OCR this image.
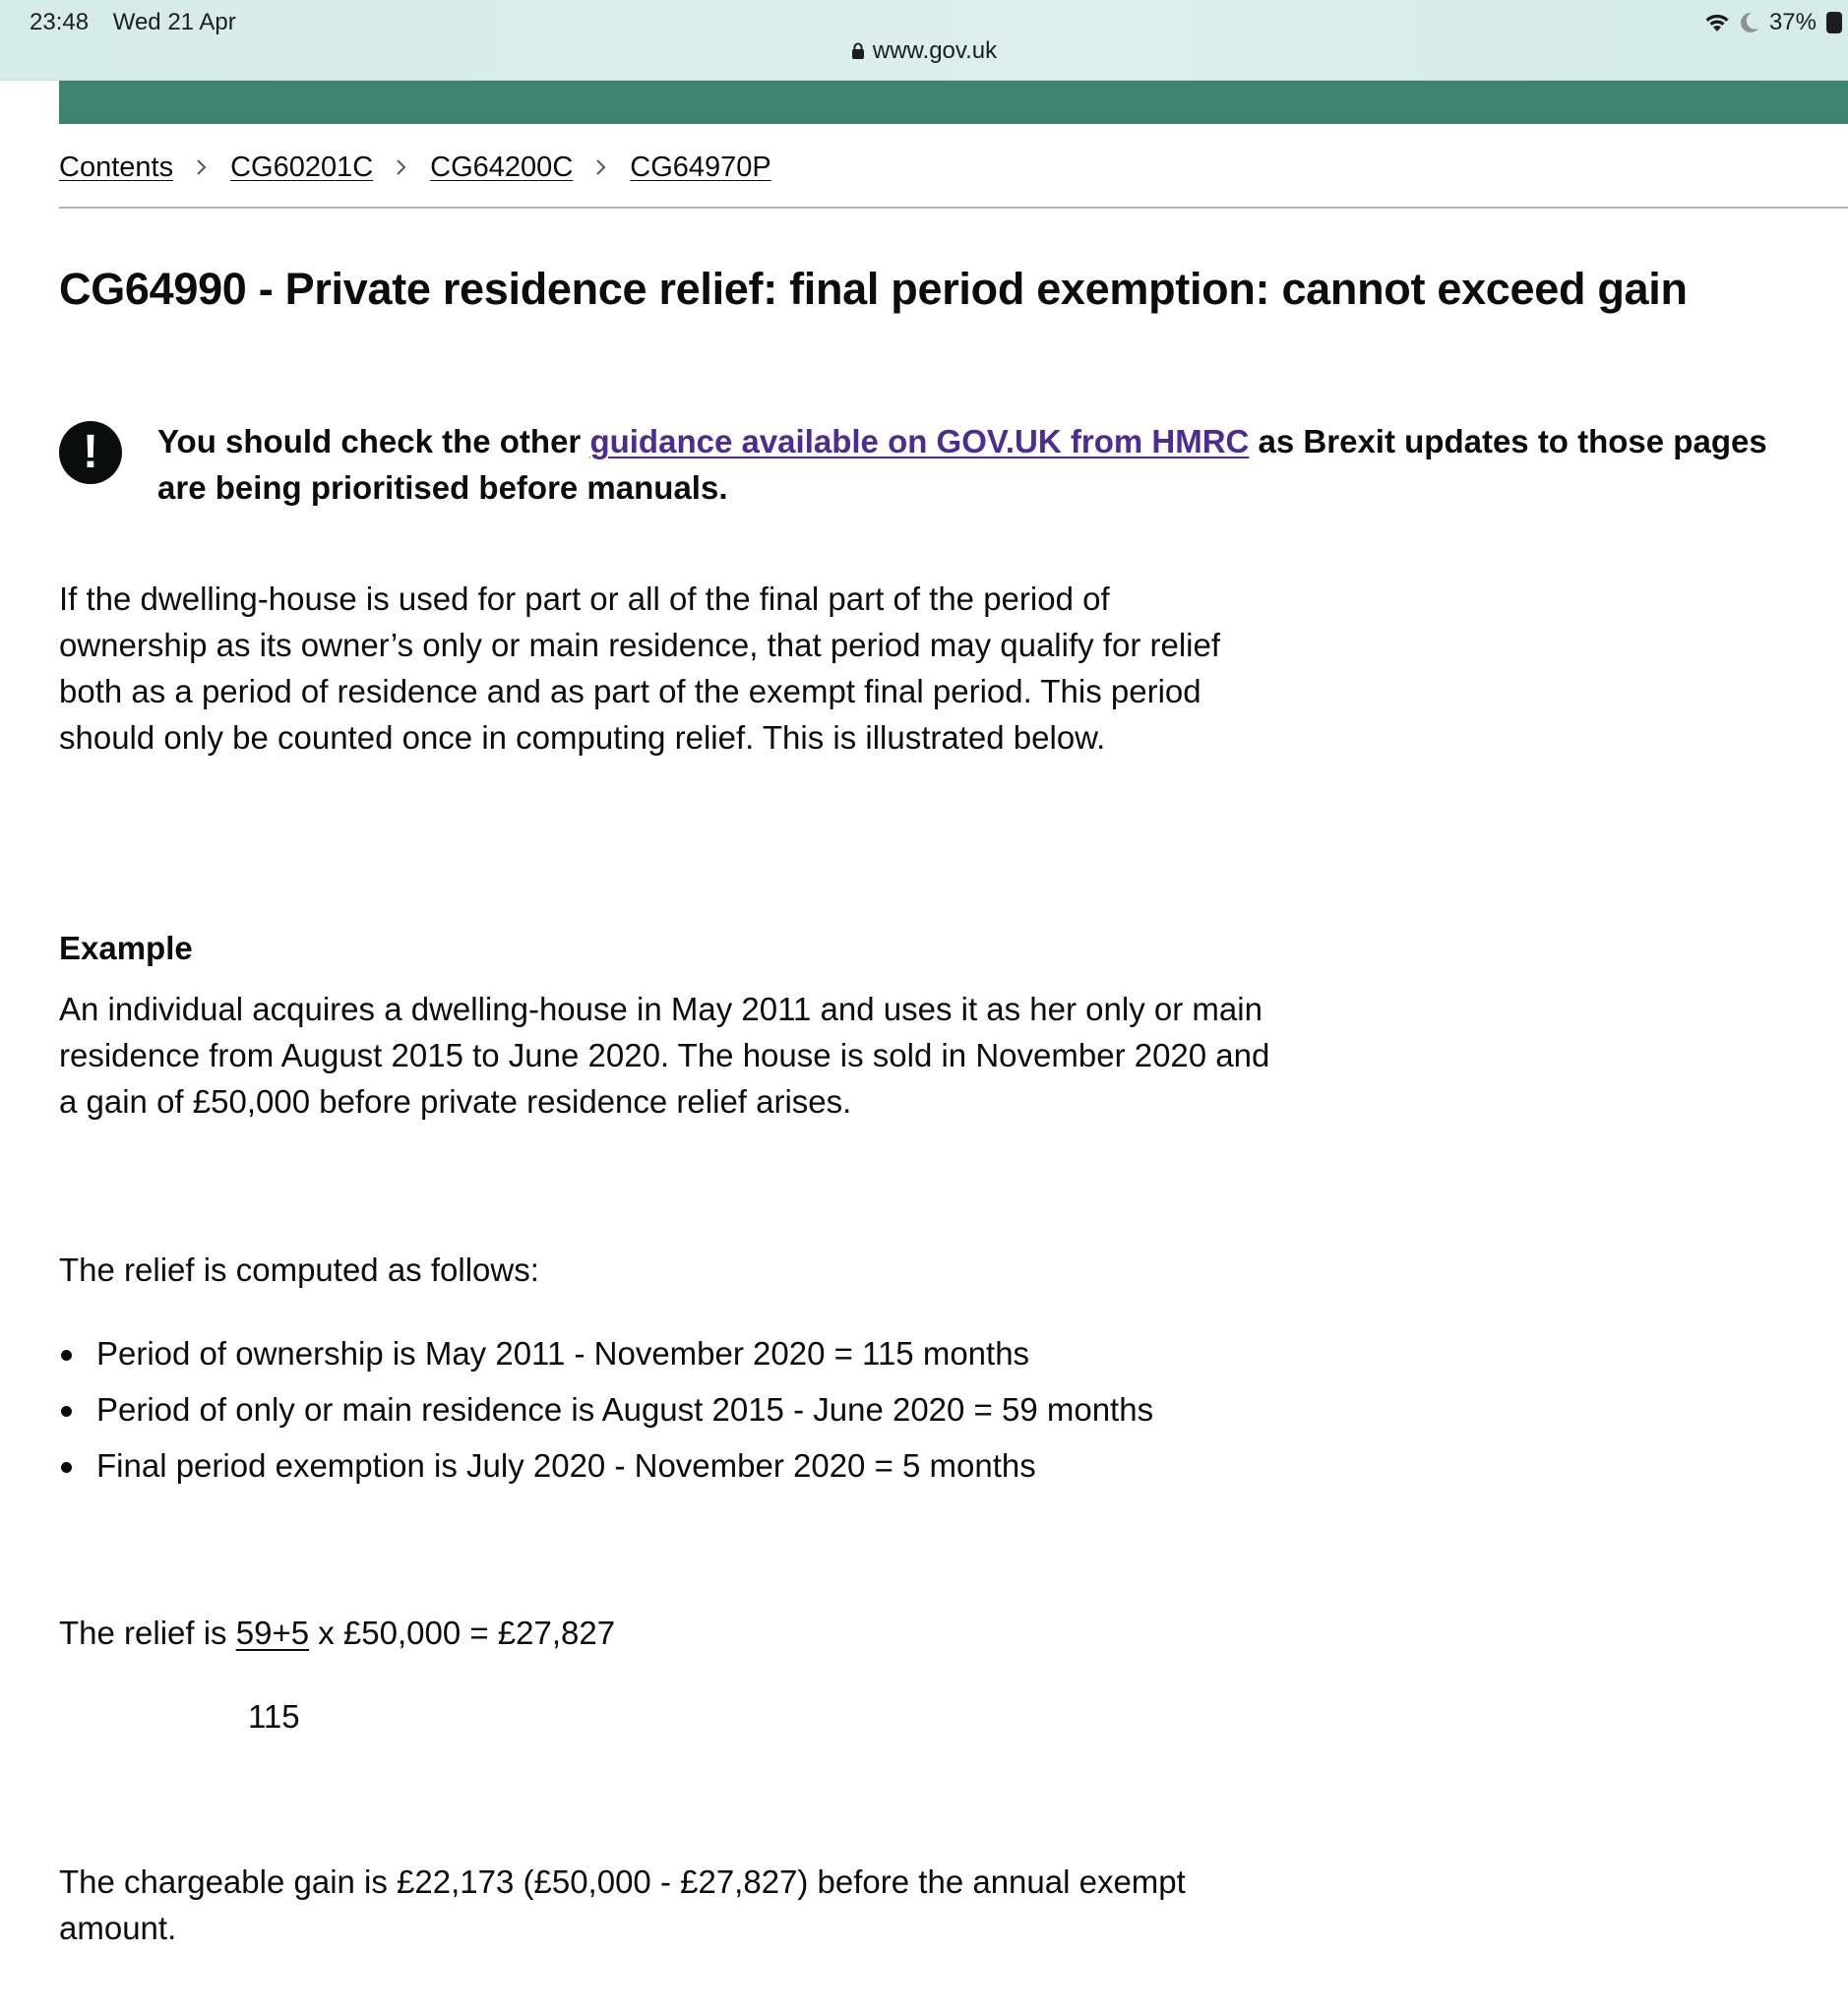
23:48 Wed 21 Apr	37%
www.gov.uk
Contents CG60201C CG64200C CG64970P
CG64990 - Private residence relief: final period exemption: cannot exceed gain
!	You should check the other guidance available on GOV.UK from HMRC as Brexit updates to those pages are being prioritised before manuals.

If the dwelling-house is used for part or all of the final part of the period of ownership as its owner’s only or main residence, that period may qualify for relief both as a period of residence and as part of the exempt final period. This period should only be counted once in computing relief. This is illustrated below.

Example

An individual acquires a dwelling-house in May 2011 and uses it as her only or main residence from August 2015 to June 2020. The house is sold in November 2020 and a gain of £50,000 before private residence relief arises.

The relief is computed as follows:

Period of ownership is May 2011 - November 2020 = 115 months
Period of only or main residence is August 2015 - June 2020 = 59 months
Final period exemption is July 2020 - November 2020 = 5 months

The relief is 59+5 x £50,000 = £27,827

115

The chargeable gain is £22,173 (£50,000 - £27,827) before the annual exempt amount.
